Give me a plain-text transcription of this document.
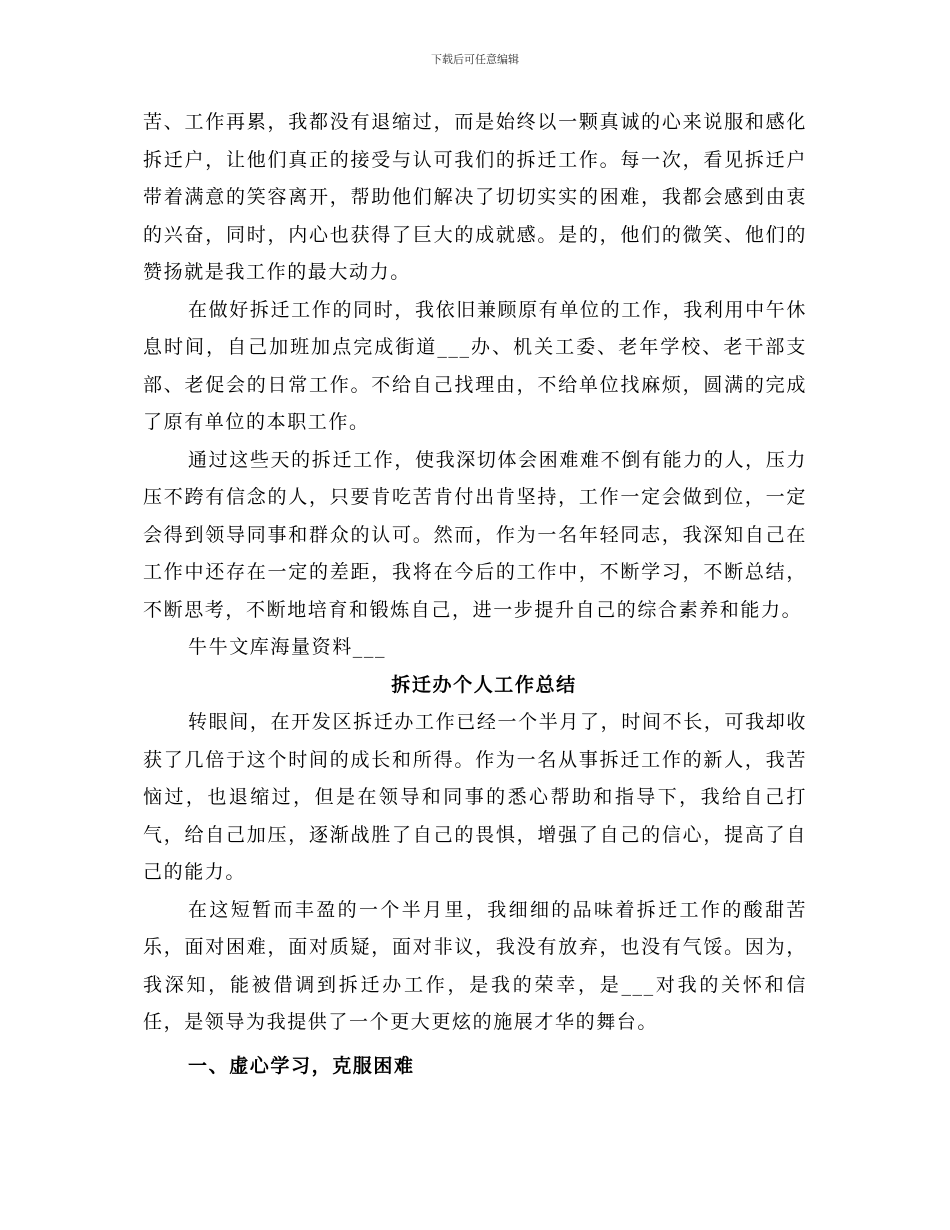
下载后可任意编辑

苦、工作再累，我都没有退缩过，而是始终以一颗真诚的心来说服和感化拆迁户，让他们真正的接受与认可我们的拆迁工作。每一次，看见拆迁户带着满意的笑容离开，帮助他们解决了切切实实的困难，我都会感到由衷的兴奋，同时，内心也获得了巨大的成就感。是的，他们的微笑、他们的赞扬就是我工作的最大动力。

在做好拆迁工作的同时，我依旧兼顾原有单位的工作，我利用中午休息时间，自己加班加点完成街道___办、机关工委、老年学校、老干部支部、老促会的日常工作。不给自己找理由，不给单位找麻烦，圆满的完成了原有单位的本职工作。

通过这些天的拆迁工作，使我深切体会困难难不倒有能力的人，压力压不跨有信念的人，只要肯吃苦肯付出肯坚持，工作一定会做到位，一定会得到领导同事和群众的认可。然而，作为一名年轻同志，我深知自己在工作中还存在一定的差距，我将在今后的工作中，不断学习，不断总结，不断思考，不断地培育和锻炼自己，进一步提升自己的综合素养和能力。

牛牛文库海量资料___

拆迁办个人工作总结

转眼间，在开发区拆迁办工作已经一个半月了，时间不长，可我却收获了几倍于这个时间的成长和所得。作为一名从事拆迁工作的新人，我苦恼过，也退缩过，但是在领导和同事的悉心帮助和指导下，我给自己打气，给自己加压，逐渐战胜了自己的畏惧，增强了自己的信心，提高了自己的能力。

在这短暂而丰盈的一个半月里，我细细的品味着拆迁工作的酸甜苦乐，面对困难，面对质疑，面对非议，我没有放弃，也没有气馁。因为，我深知，能被借调到拆迁办工作，是我的荣幸，是___对我的关怀和信任，是领导为我提供了一个更大更炫的施展才华的舞台。

一、虚心学习，克服困难
